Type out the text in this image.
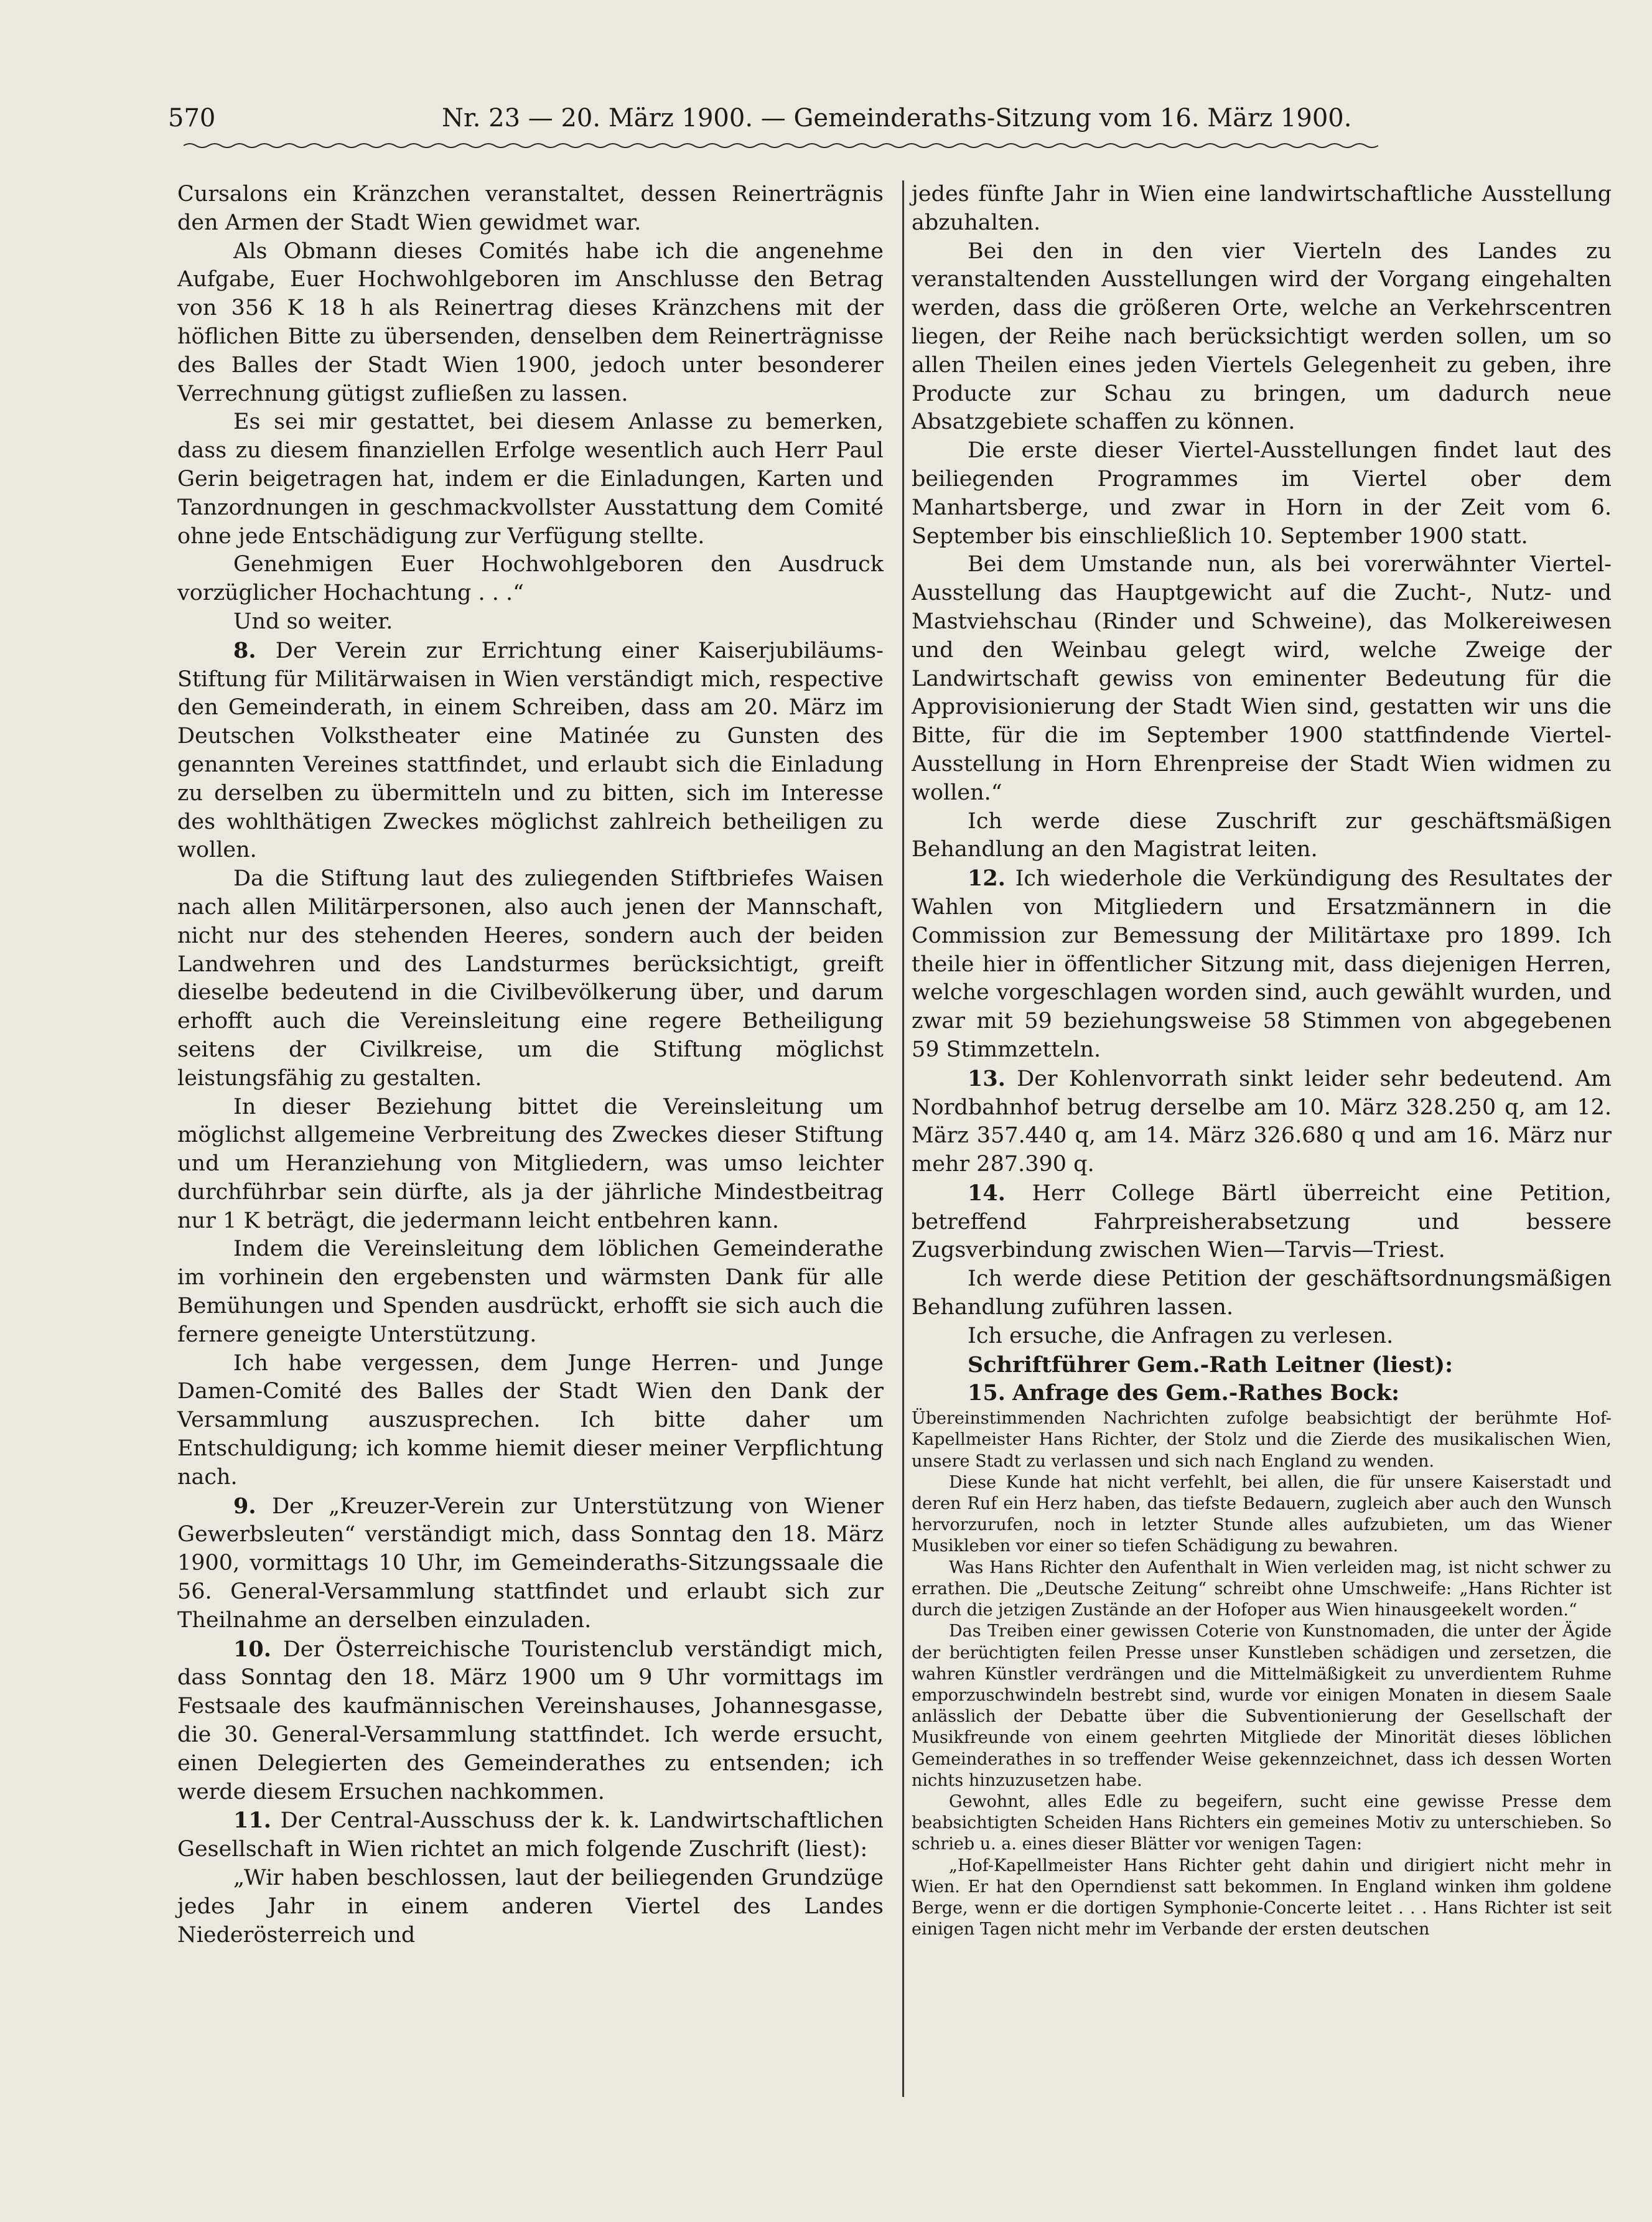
570	Nr. 23 — 20. März 1900. — Gemeinderaths-Sitzung vom 16. März 1900.

Cursalons ein Kränzchen veranstaltet, dessen Reinerträgnis den Armen der Stadt Wien gewidmet war.

Als Obmann dieses Comités habe ich die angenehme Aufgabe, Euer Hochwohlgeboren im Anschlusse den Betrag von 356 K 18 h als Reinertrag dieses Kränzchens mit der höflichen Bitte zu übersenden, denselben dem Reinerträgnisse des Balles der Stadt Wien 1900, jedoch unter besonderer Verrechnung gütigst zufließen zu lassen.

Es sei mir gestattet, bei diesem Anlasse zu bemerken, dass zu diesem finanziellen Erfolge wesentlich auch Herr Paul Gerin beigetragen hat, indem er die Einladungen, Karten und Tanzordnungen in geschmackvollster Ausstattung dem Comité ohne jede Entschädigung zur Verfügung stellte.

Genehmigen Euer Hochwohlgeboren den Ausdruck vorzüglicher Hochachtung . . .“

Und so weiter.

8. Der Verein zur Errichtung einer Kaiserjubiläums-Stiftung für Militärwaisen in Wien verständigt mich, respective den Gemeinderath, in einem Schreiben, dass am 20. März im Deutschen Volkstheater eine Matinée zu Gunsten des genannten Vereines stattfindet, und erlaubt sich die Einladung zu derselben zu übermitteln und zu bitten, sich im Interesse des wohlthätigen Zweckes möglichst zahlreich betheiligen zu wollen.

Da die Stiftung laut des zuliegenden Stiftbriefes Waisen nach allen Militärpersonen, also auch jenen der Mannschaft, nicht nur des stehenden Heeres, sondern auch der beiden Landwehren und des Landsturmes berücksichtigt, greift dieselbe bedeutend in die Civilbevölkerung über, und darum erhofft auch die Vereinsleitung eine regere Betheiligung seitens der Civilkreise, um die Stiftung möglichst leistungsfähig zu gestalten.

In dieser Beziehung bittet die Vereinsleitung um möglichst allgemeine Verbreitung des Zweckes dieser Stiftung und um Heranziehung von Mitgliedern, was umso leichter durchführbar sein dürfte, als ja der jährliche Mindestbeitrag nur 1 K beträgt, die jedermann leicht entbehren kann.

Indem die Vereinsleitung dem löblichen Gemeinderathe im vorhinein den ergebensten und wärmsten Dank für alle Bemühungen und Spenden ausdrückt, erhofft sie sich auch die fernere geneigte Unterstützung.

Ich habe vergessen, dem Junge Herren- und Junge Damen-Comité des Balles der Stadt Wien den Dank der Versammlung auszusprechen. Ich bitte daher um Entschuldigung; ich komme hiemit dieser meiner Verpflichtung nach.

9. Der „Kreuzer-Verein zur Unterstützung von Wiener Gewerbsleuten“ verständigt mich, dass Sonntag den 18. März 1900, vormittags 10 Uhr, im Gemeinderaths-Sitzungssaale die 56. General-Versammlung stattfindet und erlaubt sich zur Theilnahme an derselben einzuladen.

10. Der Österreichische Touristenclub verständigt mich, dass Sonntag den 18. März 1900 um 9 Uhr vormittags im Festsaale des kaufmännischen Vereinshauses, Johannesgasse, die 30. General-Versammlung stattfindet. Ich werde ersucht, einen Delegierten des Gemeinderathes zu entsenden; ich werde diesem Ersuchen nachkommen.

11. Der Central-Ausschuss der k. k. Landwirtschaftlichen Gesellschaft in Wien richtet an mich folgende Zuschrift (liest):

„Wir haben beschlossen, laut der beiliegenden Grundzüge jedes Jahr in einem anderen Viertel des Landes Niederösterreich und

jedes fünfte Jahr in Wien eine landwirtschaftliche Ausstellung abzuhalten.

Bei den in den vier Vierteln des Landes zu veranstaltenden Ausstellungen wird der Vorgang eingehalten werden, dass die größeren Orte, welche an Verkehrscentren liegen, der Reihe nach berücksichtigt werden sollen, um so allen Theilen eines jeden Viertels Gelegenheit zu geben, ihre Producte zur Schau zu bringen, um dadurch neue Absatzgebiete schaffen zu können.

Die erste dieser Viertel-Ausstellungen findet laut des beiliegenden Programmes im Viertel ober dem Manhartsberge, und zwar in Horn in der Zeit vom 6. September bis einschließlich 10. September 1900 statt.

Bei dem Umstande nun, als bei vorerwähnter Viertel-Ausstellung das Hauptgewicht auf die Zucht-, Nutz- und Mastviehschau (Rinder und Schweine), das Molkereiwesen und den Weinbau gelegt wird, welche Zweige der Landwirtschaft gewiss von eminenter Bedeutung für die Approvisionierung der Stadt Wien sind, gestatten wir uns die Bitte, für die im September 1900 stattfindende Viertel-Ausstellung in Horn Ehrenpreise der Stadt Wien widmen zu wollen.“

Ich werde diese Zuschrift zur geschäftsmäßigen Behandlung an den Magistrat leiten.

12. Ich wiederhole die Verkündigung des Resultates der Wahlen von Mitgliedern und Ersatzmännern in die Commission zur Bemessung der Militärtaxe pro 1899. Ich theile hier in öffentlicher Sitzung mit, dass diejenigen Herren, welche vorgeschlagen worden sind, auch gewählt wurden, und zwar mit 59 beziehungsweise 58 Stimmen von abgegebenen 59 Stimmzetteln.

13. Der Kohlenvorrath sinkt leider sehr bedeutend. Am Nordbahnhof betrug derselbe am 10. März 328.250 q, am 12. März 357.440 q, am 14. März 326.680 q und am 16. März nur mehr 287.390 q.

14. Herr College Bärtl überreicht eine Petition, betreffend Fahrpreisherabsetzung und bessere Zugsverbindung zwischen Wien—Tarvis—Triest.

Ich werde diese Petition der geschäftsordnungsmäßigen Behandlung zuführen lassen.

Ich ersuche, die Anfragen zu verlesen.

Schriftführer Gem.-Rath Leitner (liest):

15. Anfrage des Gem.-Rathes Bock:

Übereinstimmenden Nachrichten zufolge beabsichtigt der berühmte Hof-Kapellmeister Hans Richter, der Stolz und die Zierde des musikalischen Wien, unsere Stadt zu verlassen und sich nach England zu wenden.

Diese Kunde hat nicht verfehlt, bei allen, die für unsere Kaiserstadt und deren Ruf ein Herz haben, das tiefste Bedauern, zugleich aber auch den Wunsch hervorzurufen, noch in letzter Stunde alles aufzubieten, um das Wiener Musikleben vor einer so tiefen Schädigung zu bewahren.

Was Hans Richter den Aufenthalt in Wien verleiden mag, ist nicht schwer zu errathen. Die „Deutsche Zeitung“ schreibt ohne Umschweife: „Hans Richter ist durch die jetzigen Zustände an der Hofoper aus Wien hinausgeekelt worden.“

Das Treiben einer gewissen Coterie von Kunstnomaden, die unter der Ägide der berüchtigten feilen Presse unser Kunstleben schädigen und zersetzen, die wahren Künstler verdrängen und die Mittelmäßigkeit zu unverdientem Ruhme emporzuschwindeln bestrebt sind, wurde vor einigen Monaten in diesem Saale anlässlich der Debatte über die Subventionierung der Gesellschaft der Musikfreunde von einem geehrten Mitgliede der Minorität dieses löblichen Gemeinderathes in so treffender Weise gekennzeichnet, dass ich dessen Worten nichts hinzuzusetzen habe.

Gewohnt, alles Edle zu begeifern, sucht eine gewisse Presse dem beabsichtigten Scheiden Hans Richters ein gemeines Motiv zu unterschieben. So schrieb u. a. eines dieser Blätter vor wenigen Tagen:

„Hof-Kapellmeister Hans Richter geht dahin und dirigiert nicht mehr in Wien. Er hat den Operndienst satt bekommen. In England winken ihm goldene Berge, wenn er die dortigen Symphonie-Concerte leitet . . . Hans Richter ist seit einigen Tagen nicht mehr im Verbande der ersten deutschen
